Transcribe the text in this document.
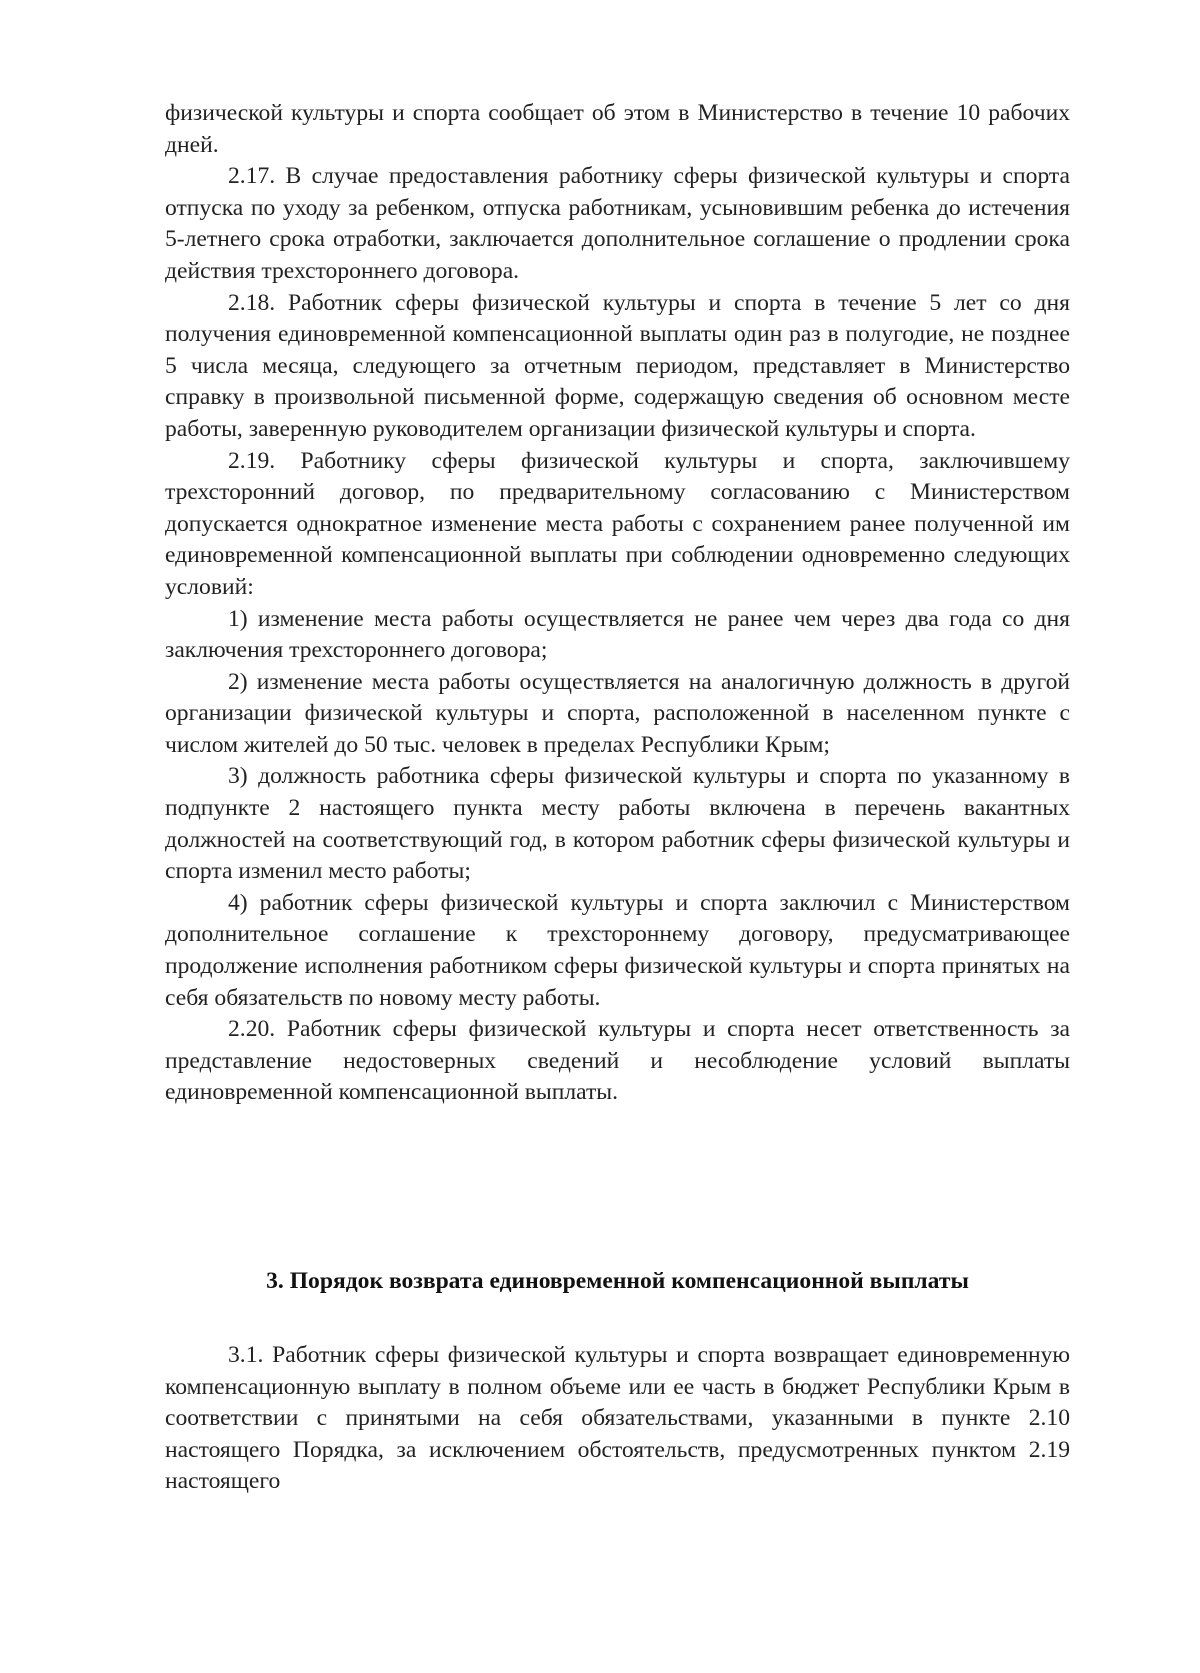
физической культуры и спорта сообщает об этом в Министерство в течение 10 рабочих дней.

2.17. В случае предоставления работнику сферы физической культуры и спорта отпуска по уходу за ребенком, отпуска работникам, усыновившим ребенка до истечения 5-летнего срока отработки, заключается дополнительное соглашение о продлении срока действия трехстороннего договора.

2.18. Работник сферы физической культуры и спорта в течение 5 лет со дня получения единовременной компенсационной выплаты один раз в полугодие, не позднее 5 числа месяца, следующего за отчетным периодом, представляет в Министерство справку в произвольной письменной форме, содержащую сведения об основном месте работы, заверенную руководителем организации физической культуры и спорта.

2.19. Работнику сферы физической культуры и спорта, заключившему трехсторонний договор, по предварительному согласованию с Министерством допускается однократное изменение места работы с сохранением ранее полученной им единовременной компенсационной выплаты при соблюдении одновременно следующих условий:

1) изменение места работы осуществляется не ранее чем через два года со дня заключения трехстороннего договора;

2) изменение места работы осуществляется на аналогичную должность в другой организации физической культуры и спорта, расположенной в населенном пункте с числом жителей до 50 тыс. человек в пределах Республики Крым;

3) должность работника сферы физической культуры и спорта по указанному в подпункте 2 настоящего пункта месту работы включена в перечень вакантных должностей на соответствующий год, в котором работник сферы физической культуры и спорта изменил место работы;

4) работник сферы физической культуры и спорта заключил с Министерством дополнительное соглашение к трехстороннему договору, предусматривающее продолжение исполнения работником сферы физической культуры и спорта принятых на себя обязательств по новому месту работы.

2.20. Работник сферы физической культуры и спорта несет ответственность за представление недостоверных сведений и несоблюдение условий выплаты единовременной компенсационной выплаты.

3. Порядок возврата единовременной компенсационной выплаты

3.1. Работник сферы физической культуры и спорта возвращает единовременную компенсационную выплату в полном объеме или ее часть в бюджет Республики Крым в соответствии с принятыми на себя обязательствами, указанными в пункте 2.10 настоящего Порядка, за исключением обстоятельств, предусмотренных пунктом 2.19 настоящего
